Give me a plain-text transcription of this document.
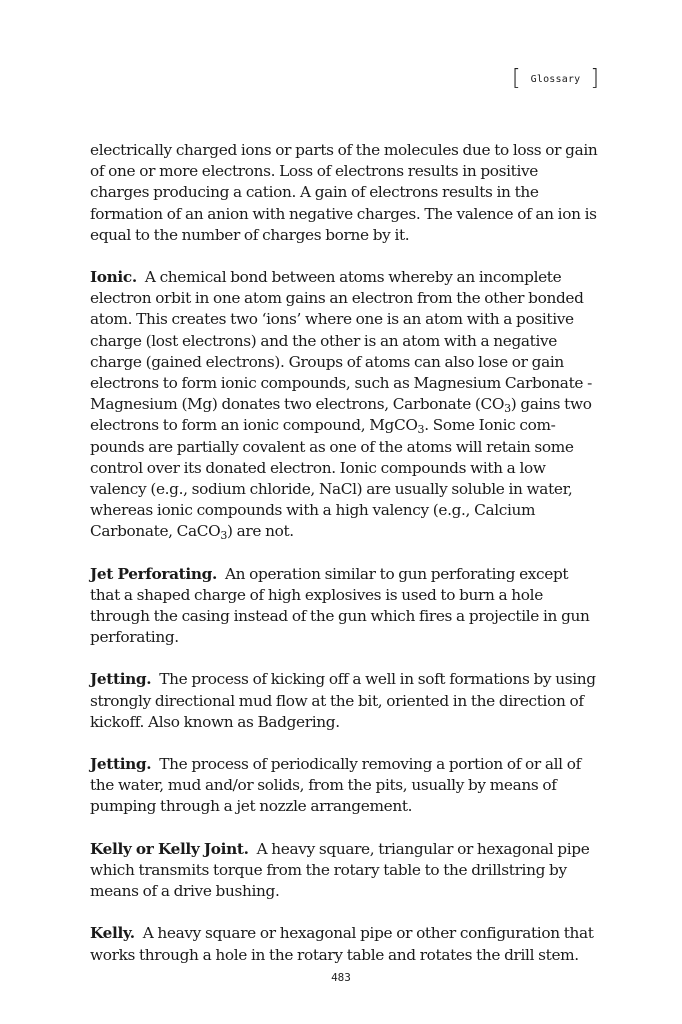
[ Glossary ]

electrically charged ions or parts of the molecules due to loss or gain of one or more electrons. Loss of electrons results in positive charges producing a cation. A gain of electrons results in the formation of an anion with negative charges. The valence of an ion is equal to the number of charges borne by it.

Ionic. A chemical bond between atoms whereby an incomplete electron orbit in one atom gains an electron from the other bonded atom. This creates two ‘ions’ where one is an atom with a positive charge (lost electrons) and the other is an atom with a negative charge (gained electrons). Groups of atoms can also lose or gain electrons to form ionic compounds, such as Magnesium Carbonate - Magnesium (Mg) donates two electrons, Carbonate $(CO_3)$ gains two electrons to form an ionic compound, MgCO$_3$. Some Ionic com-pounds are partially covalent as one of the atoms will retain some control over its donated electron. Ionic compounds with a low valency (e.g., sodium chloride, NaCl) are usually soluble in water, whereas ionic compounds with a high valency (e.g., Calcium Carbonate, CaCO$_3$) are not.

Jet Perforating. An operation similar to gun perforating except that a shaped charge of high explosives is used to burn a hole through the casing instead of the gun which fires a projectile in gun perforating.

Jetting. The process of kicking off a well in soft formations by using strongly directional mud flow at the bit, oriented in the direction of kickoff. Also known as Badgering.

Jetting. The process of periodically removing a portion of or all of the water, mud and/or solids, from the pits, usually by means of pumping through a jet nozzle arrangement.

Kelly or Kelly Joint. A heavy square, triangular or hexagonal pipe which transmits torque from the rotary table to the drillstring by means of a drive bushing.

Kelly. A heavy square or hexagonal pipe or other configuration that works through a hole in the rotary table and rotates the drill stem.

483
